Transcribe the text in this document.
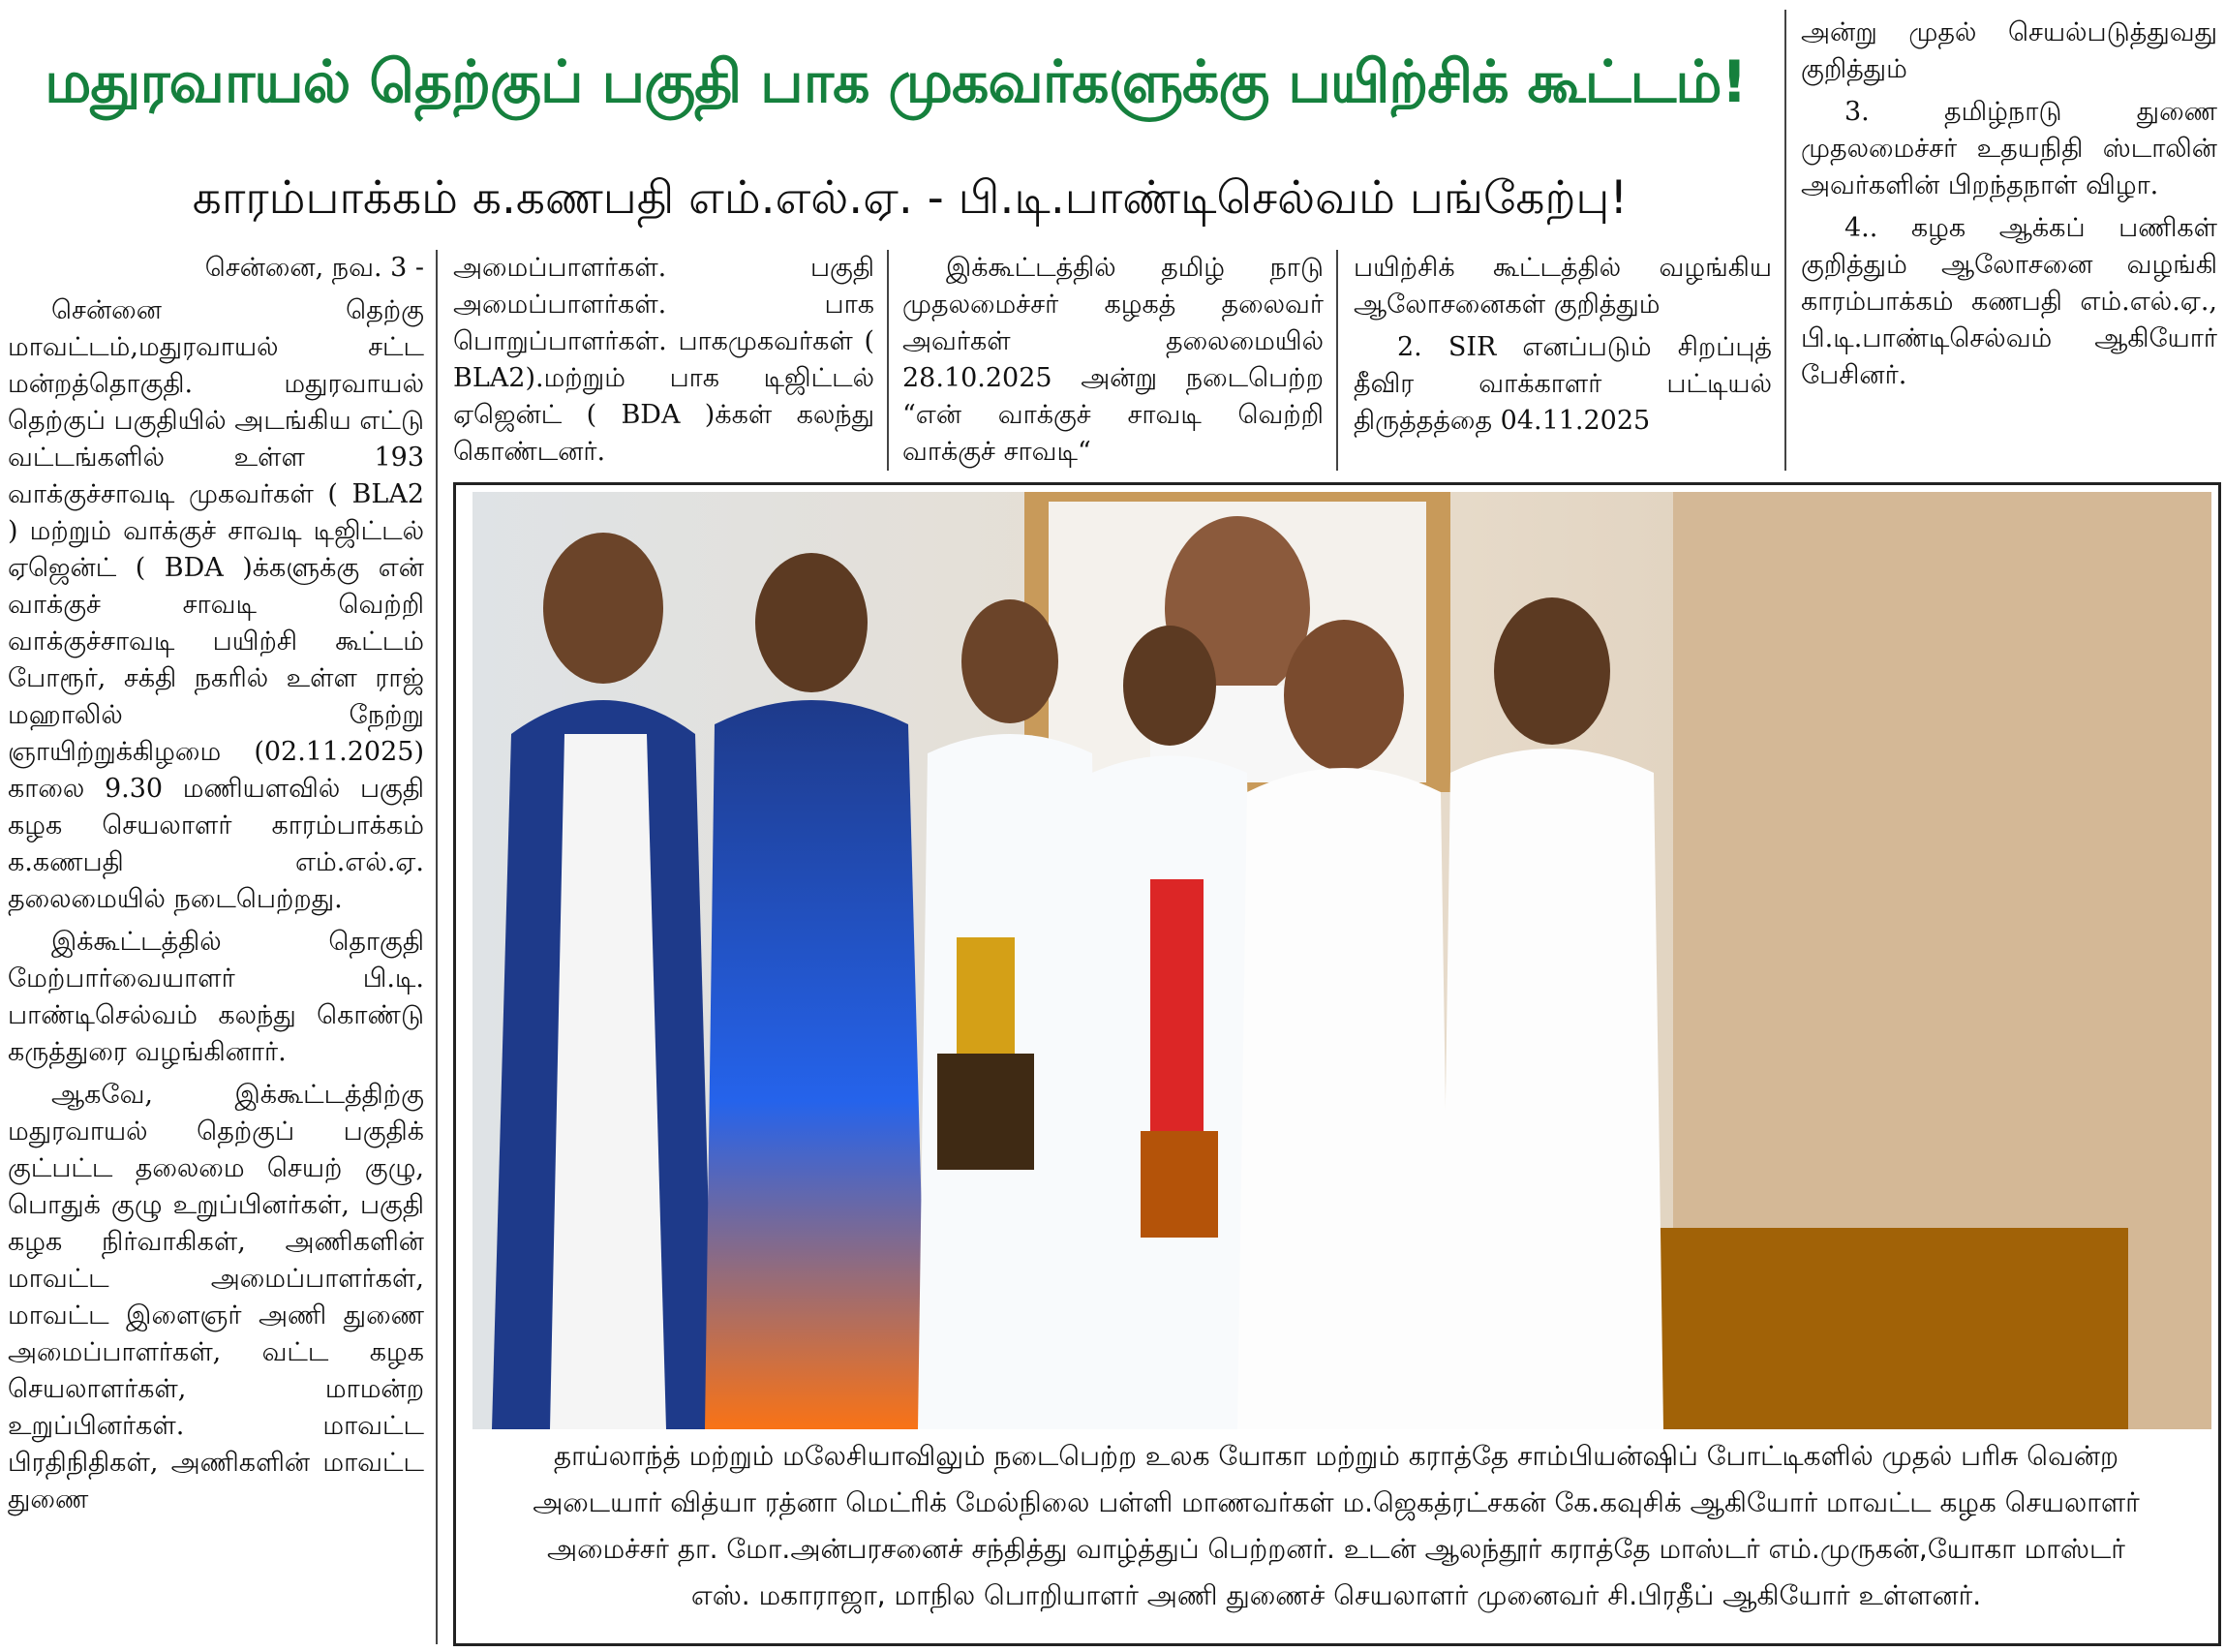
மதுரவாயல் தெற்குப் பகுதி பாக முகவர்களுக்கு பயிற்சிக் கூட்டம்!
காரம்பாக்கம் க.கணபதி எம்.எல்.ஏ. - பி.டி.பாண்டிசெல்வம் பங்கேற்பு!

சென்னை, நவ. 3 -

சென்னை தெற்கு மாவட்டம்,மதுரவாயல் சட்ட மன்றத்தொகுதி. மதுரவாயல் தெற்குப் பகுதியில் அடங்கிய எட்டு வட்டங்களில் உள்ள 193 வாக்குச்சாவடி முகவர்கள் ( BLA2 ) மற்றும் வாக்குச் சாவடி டிஜிட்டல் ஏஜென்ட் ( BDA )க்களுக்கு என் வாக்குச் சாவடி வெற்றி வாக்குச்சாவடி பயிற்சி கூட்டம் போரூர், சக்தி நகரில் உள்ள ராஜ் மஹாலில் நேற்று ஞாயிற்றுக்கிழமை (02.11.2025) காலை 9.30 மணியளவில் பகுதி கழக செயலாளர் காரம்பாக்கம் க.கணபதி எம்.எல்.ஏ. தலைமையில் நடைபெற்றது.

இக்கூட்டத்தில் தொகுதி மேற்பார்வையாளர் பி.டி. பாண்டிசெல்வம் கலந்து கொண்டு கருத்துரை வழங்கினார்.

ஆகவே, இக்கூட்டத்திற்கு மதுரவாயல் தெற்குப் பகுதிக் குட்பட்ட தலைமை செயற் குழு, பொதுக் குழு உறுப்பினர்கள், பகுதி கழக நிர்வாகிகள், அணிகளின் மாவட்ட அமைப்பாளர்கள், மாவட்ட இளைஞர் அணி துணை அமைப்பாளர்கள், வட்ட கழக செயலாளர்கள், மாமன்ற உறுப்பினர்கள். மாவட்ட பிரதிநிதிகள், அணிகளின் மாவட்ட துணை

அமைப்பாளர்கள். பகுதி அமைப்பாளர்கள். பாக பொறுப்பாளர்கள். பாகமுகவர்கள் ( BLA2).மற்றும் பாக டிஜிட்டல் ஏஜென்ட் ( BDA )க்கள் கலந்து கொண்டனர்.

இக்கூட்டத்தில் தமிழ் நாடு முதலமைச்சர் கழகத் தலைவர் அவர்கள் தலைமையில் 28.10.2025 அன்று நடைபெற்ற “என் வாக்குச் சாவடி வெற்றி வாக்குச் சாவடி“

பயிற்சிக் கூட்டத்தில் வழங்கிய ஆலோசனைகள் குறித்தும்

2. SIR எனப்படும் சிறப்புத் தீவிர வாக்காளர் பட்டியல் திருத்தத்தை 04.11.2025

அன்று முதல் செயல்படுத்துவது குறித்தும்

3. தமிழ்நாடு துணை முதலமைச்சர் உதயநிதி ஸ்டாலின் அவர்களின் பிறந்தநாள் விழா.

4.. கழக ஆக்கப் பணிகள் குறித்தும் ஆலோசனை வழங்கி காரம்பாக்கம் கணபதி எம்.எல்.ஏ., பி.டி.பாண்டிசெல்வம் ஆகியோர் பேசினர்.

தாய்லாந்த் மற்றும் மலேசியாவிலும் நடைபெற்ற உலக யோகா மற்றும் கராத்தே சாம்பியன்ஷிப் போட்டிகளில் முதல் பரிசு வென்ற
அடையார் வித்யா ரத்னா மெட்ரிக் மேல்நிலை பள்ளி மாணவர்கள் ம.ஜெகத்ரட்சகன் கே.கவுசிக் ஆகியோர் மாவட்ட கழக செயலாளர்
அமைச்சர் தா. மோ.அன்பரசனைச் சந்தித்து வாழ்த்துப் பெற்றனர். உடன் ஆலந்தூர் கராத்தே மாஸ்டர் எம்.முருகன்,யோகா மாஸ்டர்
எஸ். மகாராஜா, மாநில பொறியாளர் அணி துணைச் செயலாளர் முனைவர் சி.பிரதீப் ஆகியோர் உள்ளனர்.
